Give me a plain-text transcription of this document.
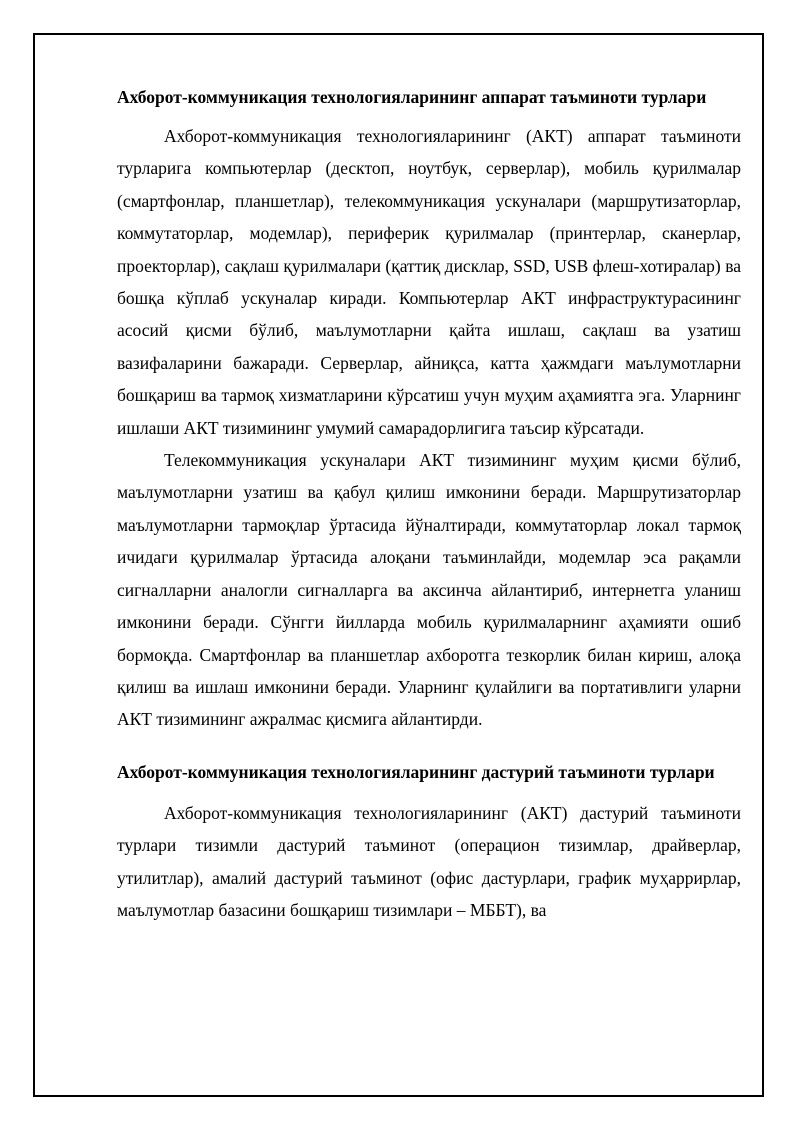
Ахборот-коммуникация технологияларининг аппарат таъминоти турлари

Ахборот-коммуникация технологияларининг (АКТ) аппарат таъминоти турларига компьютерлар (десктоп, ноутбук, серверлар), мобиль қурилмалар (смартфонлар, планшетлар), телекоммуникация ускуналари (маршрутизаторлар, коммутаторлар, модемлар), периферик қурилмалар (принтерлар, сканерлар, проекторлар), сақлаш қурилмалари (қаттиқ дисклар, SSD, USB флеш-хотиралар) ва бошқа кўплаб ускуналар киради. Компьютерлар АКТ инфраструктурасининг асосий қисми бўлиб, маълумотларни қайта ишлаш, сақлаш ва узатиш вазифаларини бажаради. Серверлар, айниқса, катта ҳажмдаги маълумотларни бошқариш ва тармоқ хизматларини кўрсатиш учун муҳим аҳамиятга эга. Уларнинг ишлаши АКТ тизимининг умумий самарадорлигига таъсир кўрсатади.

Телекоммуникация ускуналари АКТ тизимининг муҳим қисми бўлиб, маълумотларни узатиш ва қабул қилиш имконини беради. Маршрутизаторлар маълумотларни тармоқлар ўртасида йўналтиради, коммутаторлар локал тармоқ ичидаги қурилмалар ўртасида алоқани таъминлайди, модемлар эса рақамли сигналларни аналогли сигналларга ва аксинча айлантириб, интернетга уланиш имконини беради. Сўнгги йилларда мобиль қурилмаларнинг аҳамияти ошиб бормоқда. Смартфонлар ва планшетлар ахборотга тезкорлик билан кириш, алоқа қилиш ва ишлаш имконини беради. Уларнинг қулайлиги ва портативлиги уларни АКТ тизимининг ажралмас қисмига айлантирди.

Ахборот-коммуникация технологияларининг дастурий таъминоти турлари

Ахборот-коммуникация технологияларининг (АКТ) дастурий таъминоти турлари тизимли дастурий таъминот (операцион тизимлар, драйверлар, утилитлар), амалий дастурий таъминот (офис дастурлари, график муҳаррирлар, маълумотлар базасини бошқариш тизимлари – МББТ), ва
